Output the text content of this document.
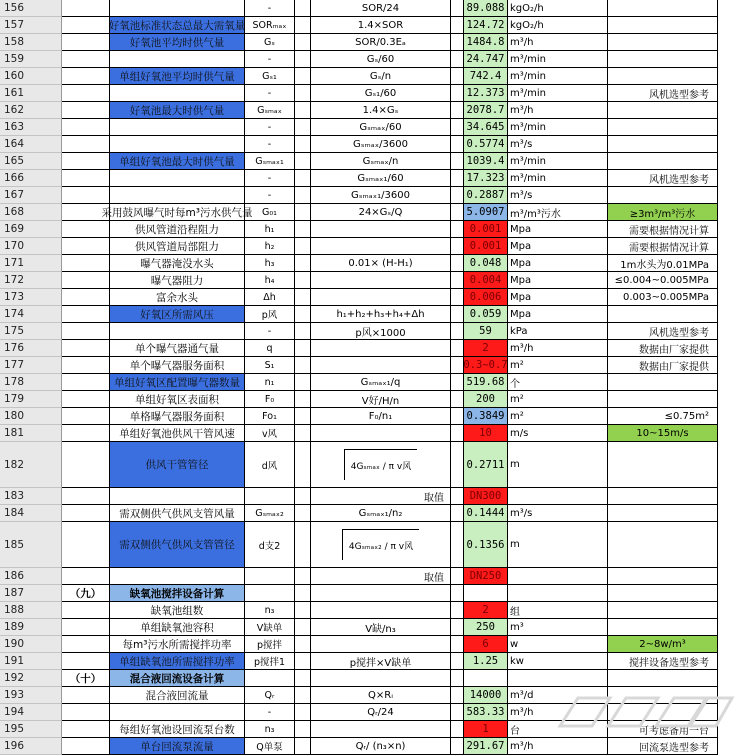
156	-	SOR/24	89.088 kgO₂/h
157	好氧池标准状态总最大需氧量 SORₘₐₓ	1.4×SOR	124.72 kgO₂/h
158	好氧池平均时供气量	Gₛ	SOR/0.3Eₐ	1484.8 m³/h
159	-	Gₛ/60	24.747 m³/min
160	单组好氧池平均时供气量	Gₛ₁	Gₛ/n	742.4 m³/min
161	-	Gₛ₁/60	12.373 m³/min	风机选型参考
162	好氧池最大时供气量	Gₛₘₐₓ	1.4×Gₛ	2078.7 m³/h
163	-	Gₛₘₐₓ/60	34.645 m³/min
164	-	Gₛₘₐₓ/3600	0.5774 m³/s
165	单组好氧池最大时供气量 Gₛₘₐₓ₁	Gₛₘₐₓ/n	1039.4 m³/min
166	-	Gₛₘₐₓ₁/60	17.323 m³/min	风机选型参考
167	-	Gₛₘₐₓ₁/3600	0.2887 m³/s
168	采用鼓风曝气时每m³污水供气量 G₀₁	24×Gₛ/Q	5.0907 m³/m³污水	≥3m³/m³污水
169	供风管道沿程阻力	h₁	0.001 Mpa	需要根据情况计算
170	供风管道局部阻力	h₂	0.001 Mpa	需要根据情况计算
171	曝气器淹没水头	h₃	0.01× (H-H₁)	0.048 Mpa	1m水头为0.01MPa
172	曝气器阻力	h₄	0.004 Mpa	≤0.004~0.005MPa
173	富余水头	Δh	0.006 Mpa	0.003~0.005MPa
174	好氧区所需风压	p风	h₁+h₂+h₃+h₄+Δh	0.059 Mpa
175	-	p风×1000	59 kPa	风机选型参考
176	单个曝气器通气量	q	2 m³/h	数据由厂家提供
177	单个曝气器服务面积	S₁	0.3~0.7 m²	数据由厂家提供
178	单组好氧区配置曝气器数量	n₁	Gₛₘₐₓ₁/q	519.68 个
179	单组好氧区表面积	F₀	V好/H/n	200 m²
180	单格曝气器服务面积	Fo₁	F₀/n₁	0.3849 m²	≤0.75m²
181	单组好氧池供风干管风速	v风	10 m/s	10~15m/s
182	供风干管管径	d风	4Gₛₘₐₓ / π v风	0.2711 m
183	取值 DN300
184	需双侧供气供风支管风量 Gₛₘₐₓ₂	Gₛₘₐₓ₁/n₂	0.1444 m³/s
185	需双侧供气供风支管管径	d支2	4Gₛₘₐₓ₂ / π v风	0.1356 m
186	取值 DN250
187	（九）	缺氧池搅拌设备计算
188	缺氧池组数	n₃	2 组
189	单组缺氧池容积	V缺单	V缺/n₃	250 m³
190	每m³污水所需搅拌功率	p搅拌	6 w	2~8w/m³
191	单组缺氧池所需搅拌功率 p搅拌1	p搅拌×V缺单	1.25 kw	搅拌设备选型参考
192	（十）	混合液回流设备计算
193	混合液回流量	Qᵣ	Q×Rᵢ	14000 m³/d
194	-	Qᵣ/24	583.33 m³/h
195	每组好氧池设回流泵台数	n₃	1 台	可考虑备用一台
196	单台回流泵流量	Q单泵	Qᵣ/ (n₃×n)	291.67 m³/h	回流泵选型参考
